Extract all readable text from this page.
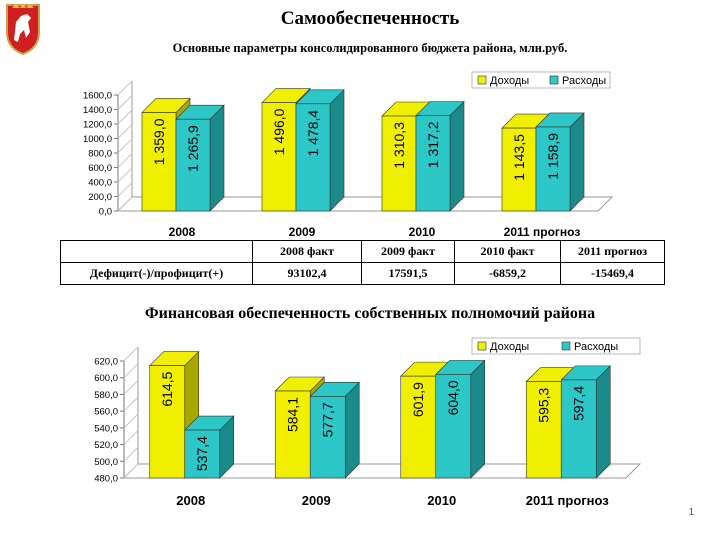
Самообеспеченность
Основные параметры консолидированного бюджета района, млн.руб.
0,0
200,0
400,0
600,0
800,0
1000,0
1200,0
1400,0
1600,0
1 359,0 1 265,9
2008
1 496,0 1 478,4
2009
1 310,3 1 317,2
2010
1 143,5 1 158,9
2011 прогноз
Доходы	Расходы
	2008 факт	2009 факт	2010 факт	2011 прогноз
Дефицит(-)/профицит(+)	93102,4	17591,5	-6859,2	-15469,4
Финансовая обеспеченность собственных полномочий района
480,0
500,0
520,0
540,0
560,0
580,0
600,0
620,0
614,5
537,4
2008
584,1 577,7
2009
601,9 604,0
2010
595,3 597,4
2011 прогноз
Доходы	Расходы
1
